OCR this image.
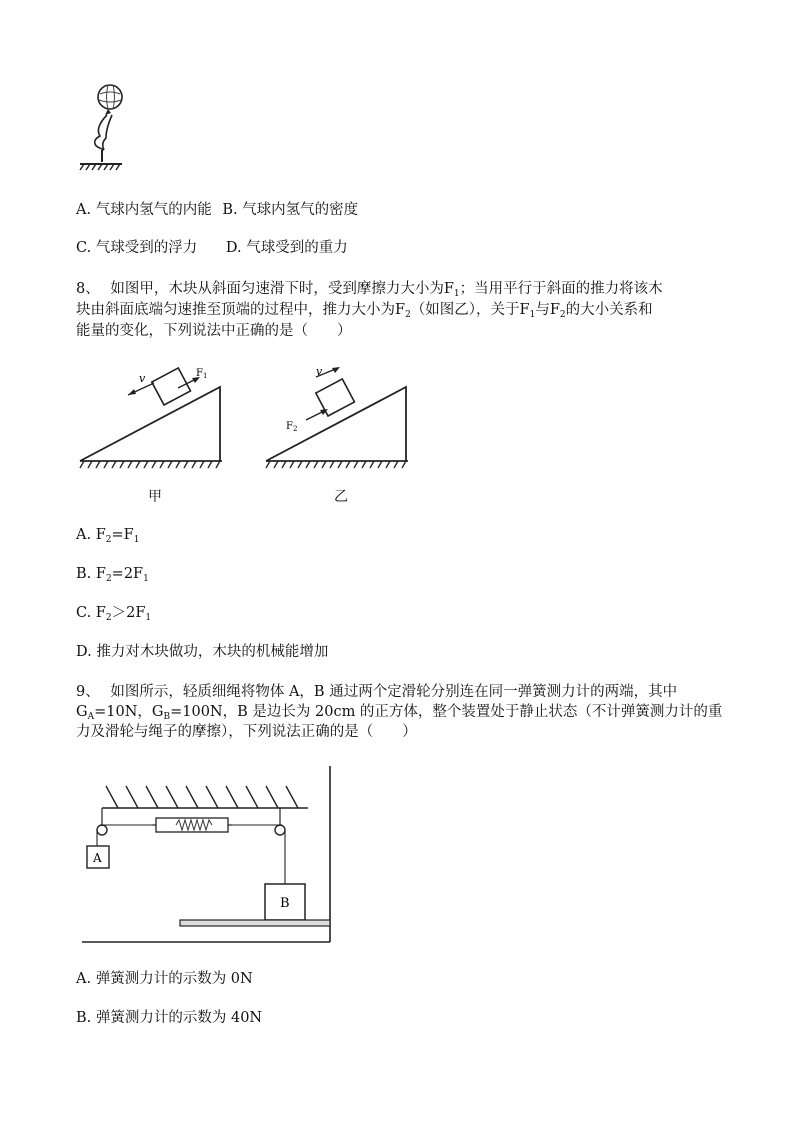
A. 气球内氢气的内能 B. 气球内氢气的密度
C. 气球受到的浮力 D. 气球受到的重力
8、 如图甲，木块从斜面匀速滑下时，受到摩擦力大小为$F_1$；当用平行于斜面的推力将该木
块由斜面底端匀速推至顶端的过程中，推力大小为$F_2$（如图乙），关于$F_1$与$F_2$的大小关系和
能量的变化，下列说法中正确的是（　　）
v	$F_1$
甲
v
$F_2$
乙
A. $F_2=F_1$
B. $F_2=2F_1$
C. $F_2>2F_1$
D. 推力对木块做功，木块的机械能增加
9、 如图所示，轻质细绳将物体 A，B 通过两个定滑轮分别连在同一弹簧测力计的两端，其中
$G_A=10N$，$G_B=100N$，B 是边长为 20cm 的正方体，整个装置处于静止状态（不计弹簧测力计的重
力及滑轮与绳子的摩擦），下列说法正确的是（　　）
A
B
A. 弹簧测力计的示数为 0N
B. 弹簧测力计的示数为 40N
